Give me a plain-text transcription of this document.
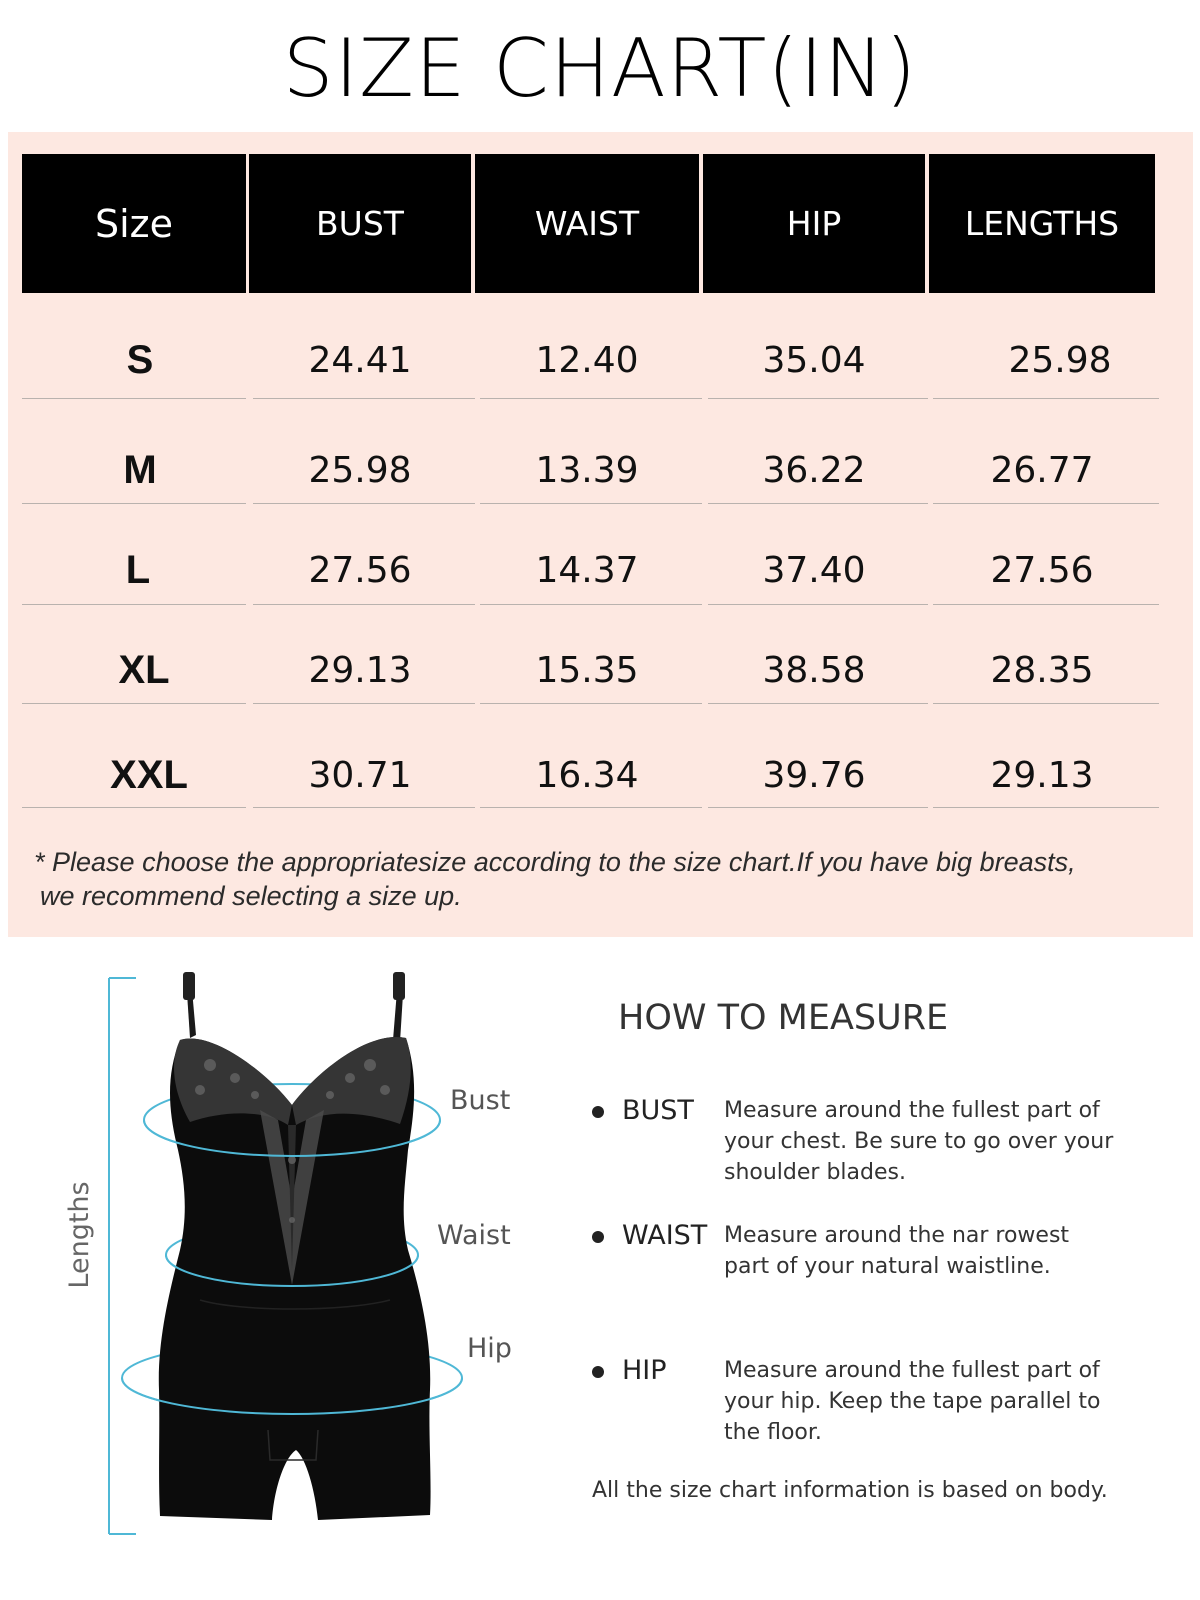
SIZE CHART(IN)
Size	BUST	WAIST	HIP	LENGTHS
S	24.41	12.40	35.04	25.98
M	25.98	13.39	36.22	26.77
L	27.56	14.37	37.40	27.56
XL	29.13	15.35	38.58	28.35
XXL	30.71	16.34	39.76	29.13
* Please choose the appropriatesize according to the size chart.If you have big breasts,
we recommend selecting a size up.
Lengths
Bust
Waist
Hip
HOW TO MEASURE
BUST Measure around the fullest part of
your chest. Be sure to go over your
shoulder blades.
WAIST Measure around the nar rowest
part of your natural waistline.
HIP	Measure around the fullest part of
your hip. Keep the tape parallel to
the floor.
All the size chart information is based on body.
